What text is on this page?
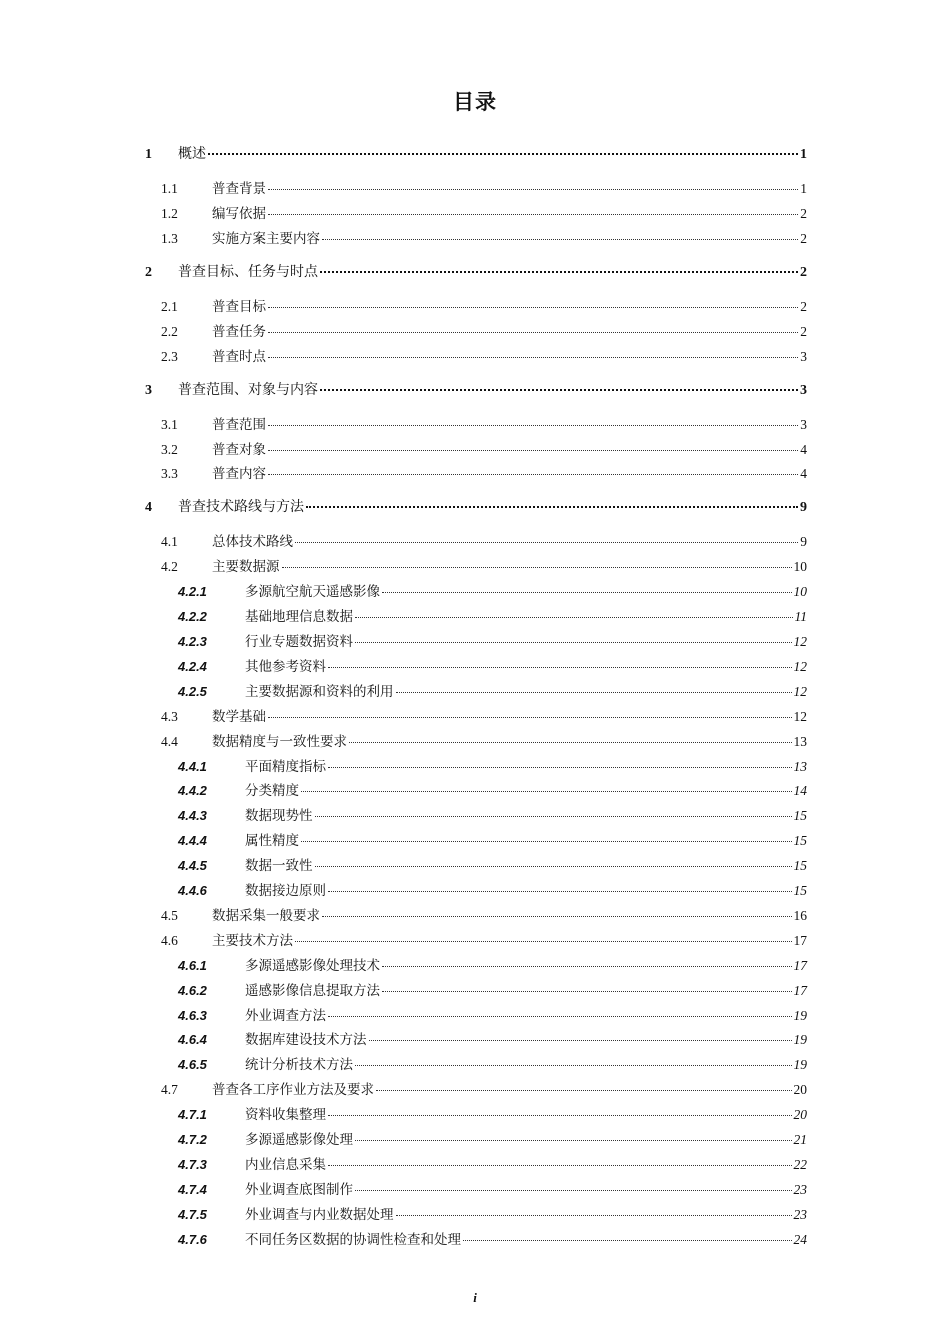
目录
1	概述	1
1.1	普查背景	1
1.2	编写依据	2
1.3	实施方案主要内容	2
2	普查目标、任务与时点	2
2.1	普查目标	2
2.2	普查任务	2
2.3	普查时点	3
3	普查范围、对象与内容	3
3.1	普查范围	3
3.2	普查对象	4
3.3	普查内容	4
4	普查技术路线与方法	9
4.1	总体技术路线	9
4.2	主要数据源	10
4.2.1	多源航空航天遥感影像	10
4.2.2	基础地理信息数据	11
4.2.3	行业专题数据资料	12
4.2.4	其他参考资料	12
4.2.5	主要数据源和资料的利用	12
4.3	数学基础	12
4.4	数据精度与一致性要求	13
4.4.1	平面精度指标	13
4.4.2	分类精度	14
4.4.3	数据现势性	15
4.4.4	属性精度	15
4.4.5	数据一致性	15
4.4.6	数据接边原则	15
4.5	数据采集一般要求	16
4.6	主要技术方法	17
4.6.1	多源遥感影像处理技术	17
4.6.2	遥感影像信息提取方法	17
4.6.3	外业调查方法	19
4.6.4	数据库建设技术方法	19
4.6.5	统计分析技术方法	19
4.7	普查各工序作业方法及要求	20
4.7.1	资料收集整理	20
4.7.2	多源遥感影像处理	21
4.7.3	内业信息采集	22
4.7.4	外业调查底图制作	23
4.7.5	外业调查与内业数据处理	23
4.7.6	不同任务区数据的协调性检查和处理	24
i
